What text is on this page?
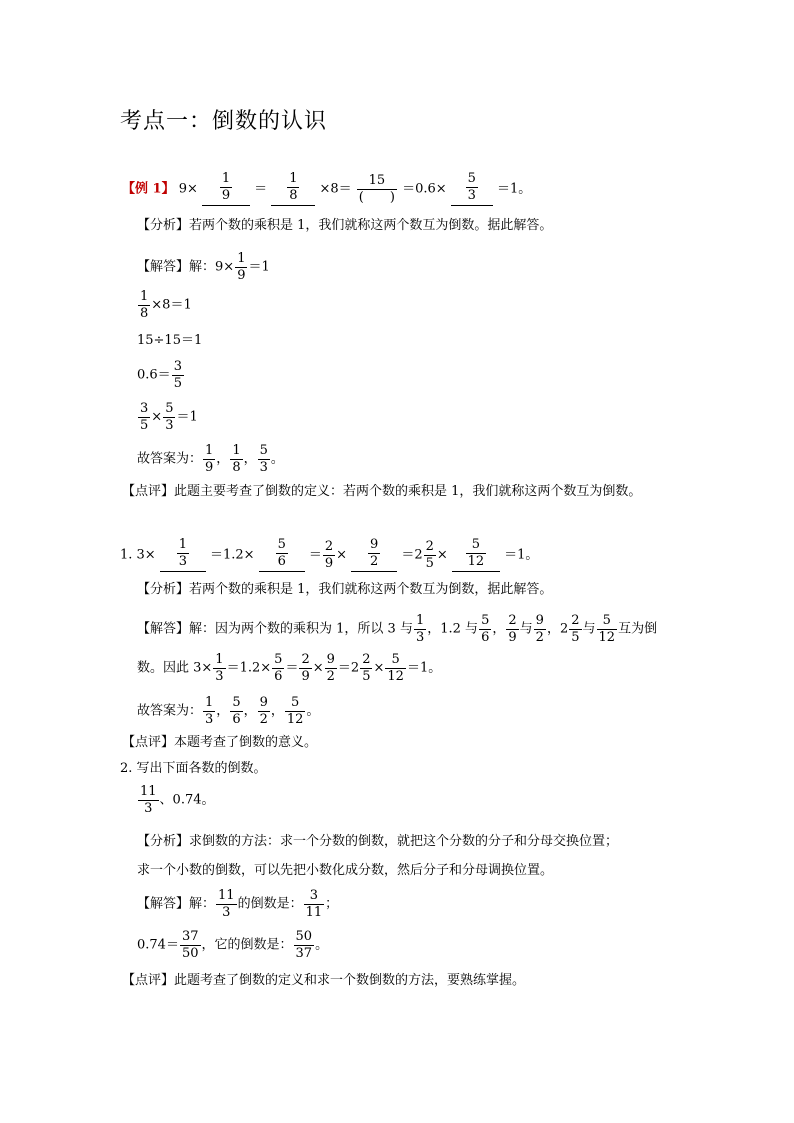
考点一：倒数的认识
【例 1】 $9\times \frac{1}{9} = \frac{1}{8} \times 8= \frac{15}{( )} =0.6\times \frac{5}{3} =1$。
【分析】若两个数的乘积是 1，我们就称这两个数互为倒数。据此解答。
【解答】解：$9\times \frac{1}{9} =1$
$\frac{1}{8} \times 8=1$
15÷15＝1
$0.6= \frac{3}{5}$
$\frac{3}{5} \times \frac{5}{3} =1$
故答案为： $\frac{1}{9}$ ， $\frac{1}{8}$ ， $\frac{5}{3}$ 。
【点评】此题主要考查了倒数的定义：若两个数的乘积是 1，我们就称这两个数互为倒数。
1. $3\times \frac{1}{3} =1.2\times \frac{5}{6} = \frac{2}{9} \times \frac{9}{2} =2 \frac{2}{5} \times \frac{5}{12} =1$。
【分析】若两个数的乘积是 1，我们就称这两个数互为倒数，据此解答。
【解答】解：因为两个数的乘积为 1，所以 3 与 $\frac{1}{3}$ ，1.2 与 $\frac{5}{6}$ ， $\frac{2}{9}$ 与 $\frac{9}{2}$ ，$2 \frac{2}{5}$ 与 $\frac{5}{12}$ 互为倒
数。因此 $3\times \frac{1}{3} =1.2\times \frac{5}{6} = \frac{2}{9} \times \frac{9}{2} =2 \frac{2}{5} \times \frac{5}{12} =1$。
故答案为： $\frac{1}{3}$ ， $\frac{5}{6}$ ， $\frac{9}{2}$ ， $\frac{5}{12}$ 。
【点评】本题考查了倒数的意义。
2. 写出下面各数的倒数。
$\frac{11}{3}$ 、0.74。
【分析】求倒数的方法：求一个分数的倒数，就把这个分数的分子和分母交换位置；
求一个小数的倒数，可以先把小数化成分数，然后分子和分母调换位置。
【解答】解： $\frac{11}{3}$ 的倒数是： $\frac{3}{11}$ ；
$0.74= \frac{37}{50}$ ，它的倒数是： $\frac{50}{37}$ 。
【点评】此题考查了倒数的定义和求一个数倒数的方法，要熟练掌握。
